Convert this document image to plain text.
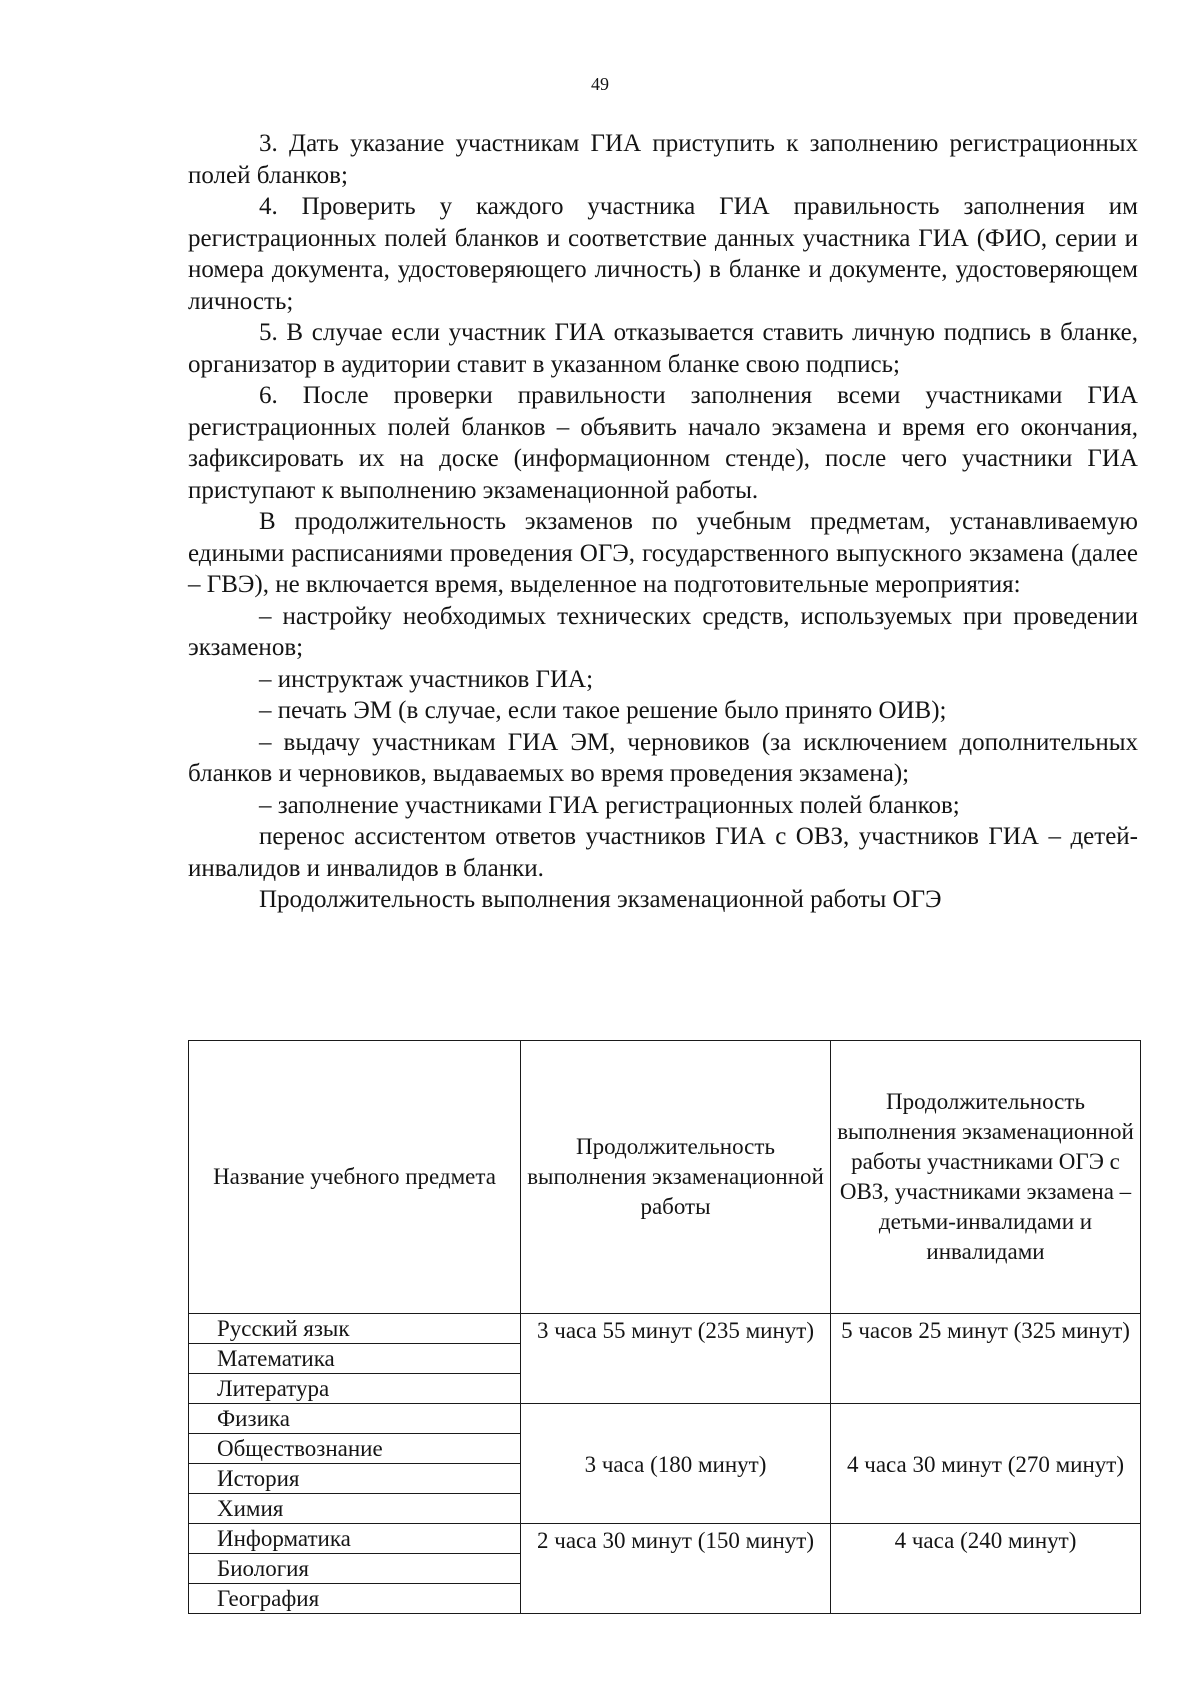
49

3. Дать указание участникам ГИА приступить к заполнению регистрационных полей бланков;

4. Проверить у каждого участника ГИА правильность заполнения им регистрационных полей бланков и соответствие данных участника ГИА (ФИО, серии и номера документа, удостоверяющего личность) в бланке и документе, удостоверяющем личность;

5. В случае если участник ГИА отказывается ставить личную подпись в бланке, организатор в аудитории ставит в указанном бланке свою подпись;

6. После проверки правильности заполнения всеми участниками ГИА регистрационных полей бланков – объявить начало экзамена и время его окончания, зафиксировать их на доске (информационном стенде), после чего участники ГИА приступают к выполнению экзаменационной работы.

В продолжительность экзаменов по учебным предметам, устанавливаемую едиными расписаниями проведения ОГЭ, государственного выпускного экзамена (далее – ГВЭ), не включается время, выделенное на подготовительные мероприятия:

– настройку необходимых технических средств, используемых при проведении экзаменов;

– инструктаж участников ГИА;

– печать ЭМ (в случае, если такое решение было принято ОИВ);

– выдачу участникам ГИА ЭМ, черновиков (за исключением дополнительных бланков и черновиков, выдаваемых во время проведения экзамена);

– заполнение участниками ГИА регистрационных полей бланков;

перенос ассистентом ответов участников ГИА с ОВЗ, участников ГИА – детей-инвалидов и инвалидов в бланки.

Продолжительность выполнения экзаменационной работы ОГЭ

Название учебного предмета	Продолжительность выполнения экзаменационной работы	Продолжительность выполнения экзаменационной работы участниками ОГЭ с ОВЗ, участниками экзамена – детьми-инвалидами и инвалидами
Русский язык	3 часа 55 минут (235 минут)	5 часов 25 минут (325 минут)
Математика		
Литература		
Физика	3 часа (180 минут)	4 часа 30 минут (270 минут)
Обществознание		
История		
Химия		
Информатика	2 часа 30 минут (150 минут)	4 часа (240 минут)
Биология		
География		
